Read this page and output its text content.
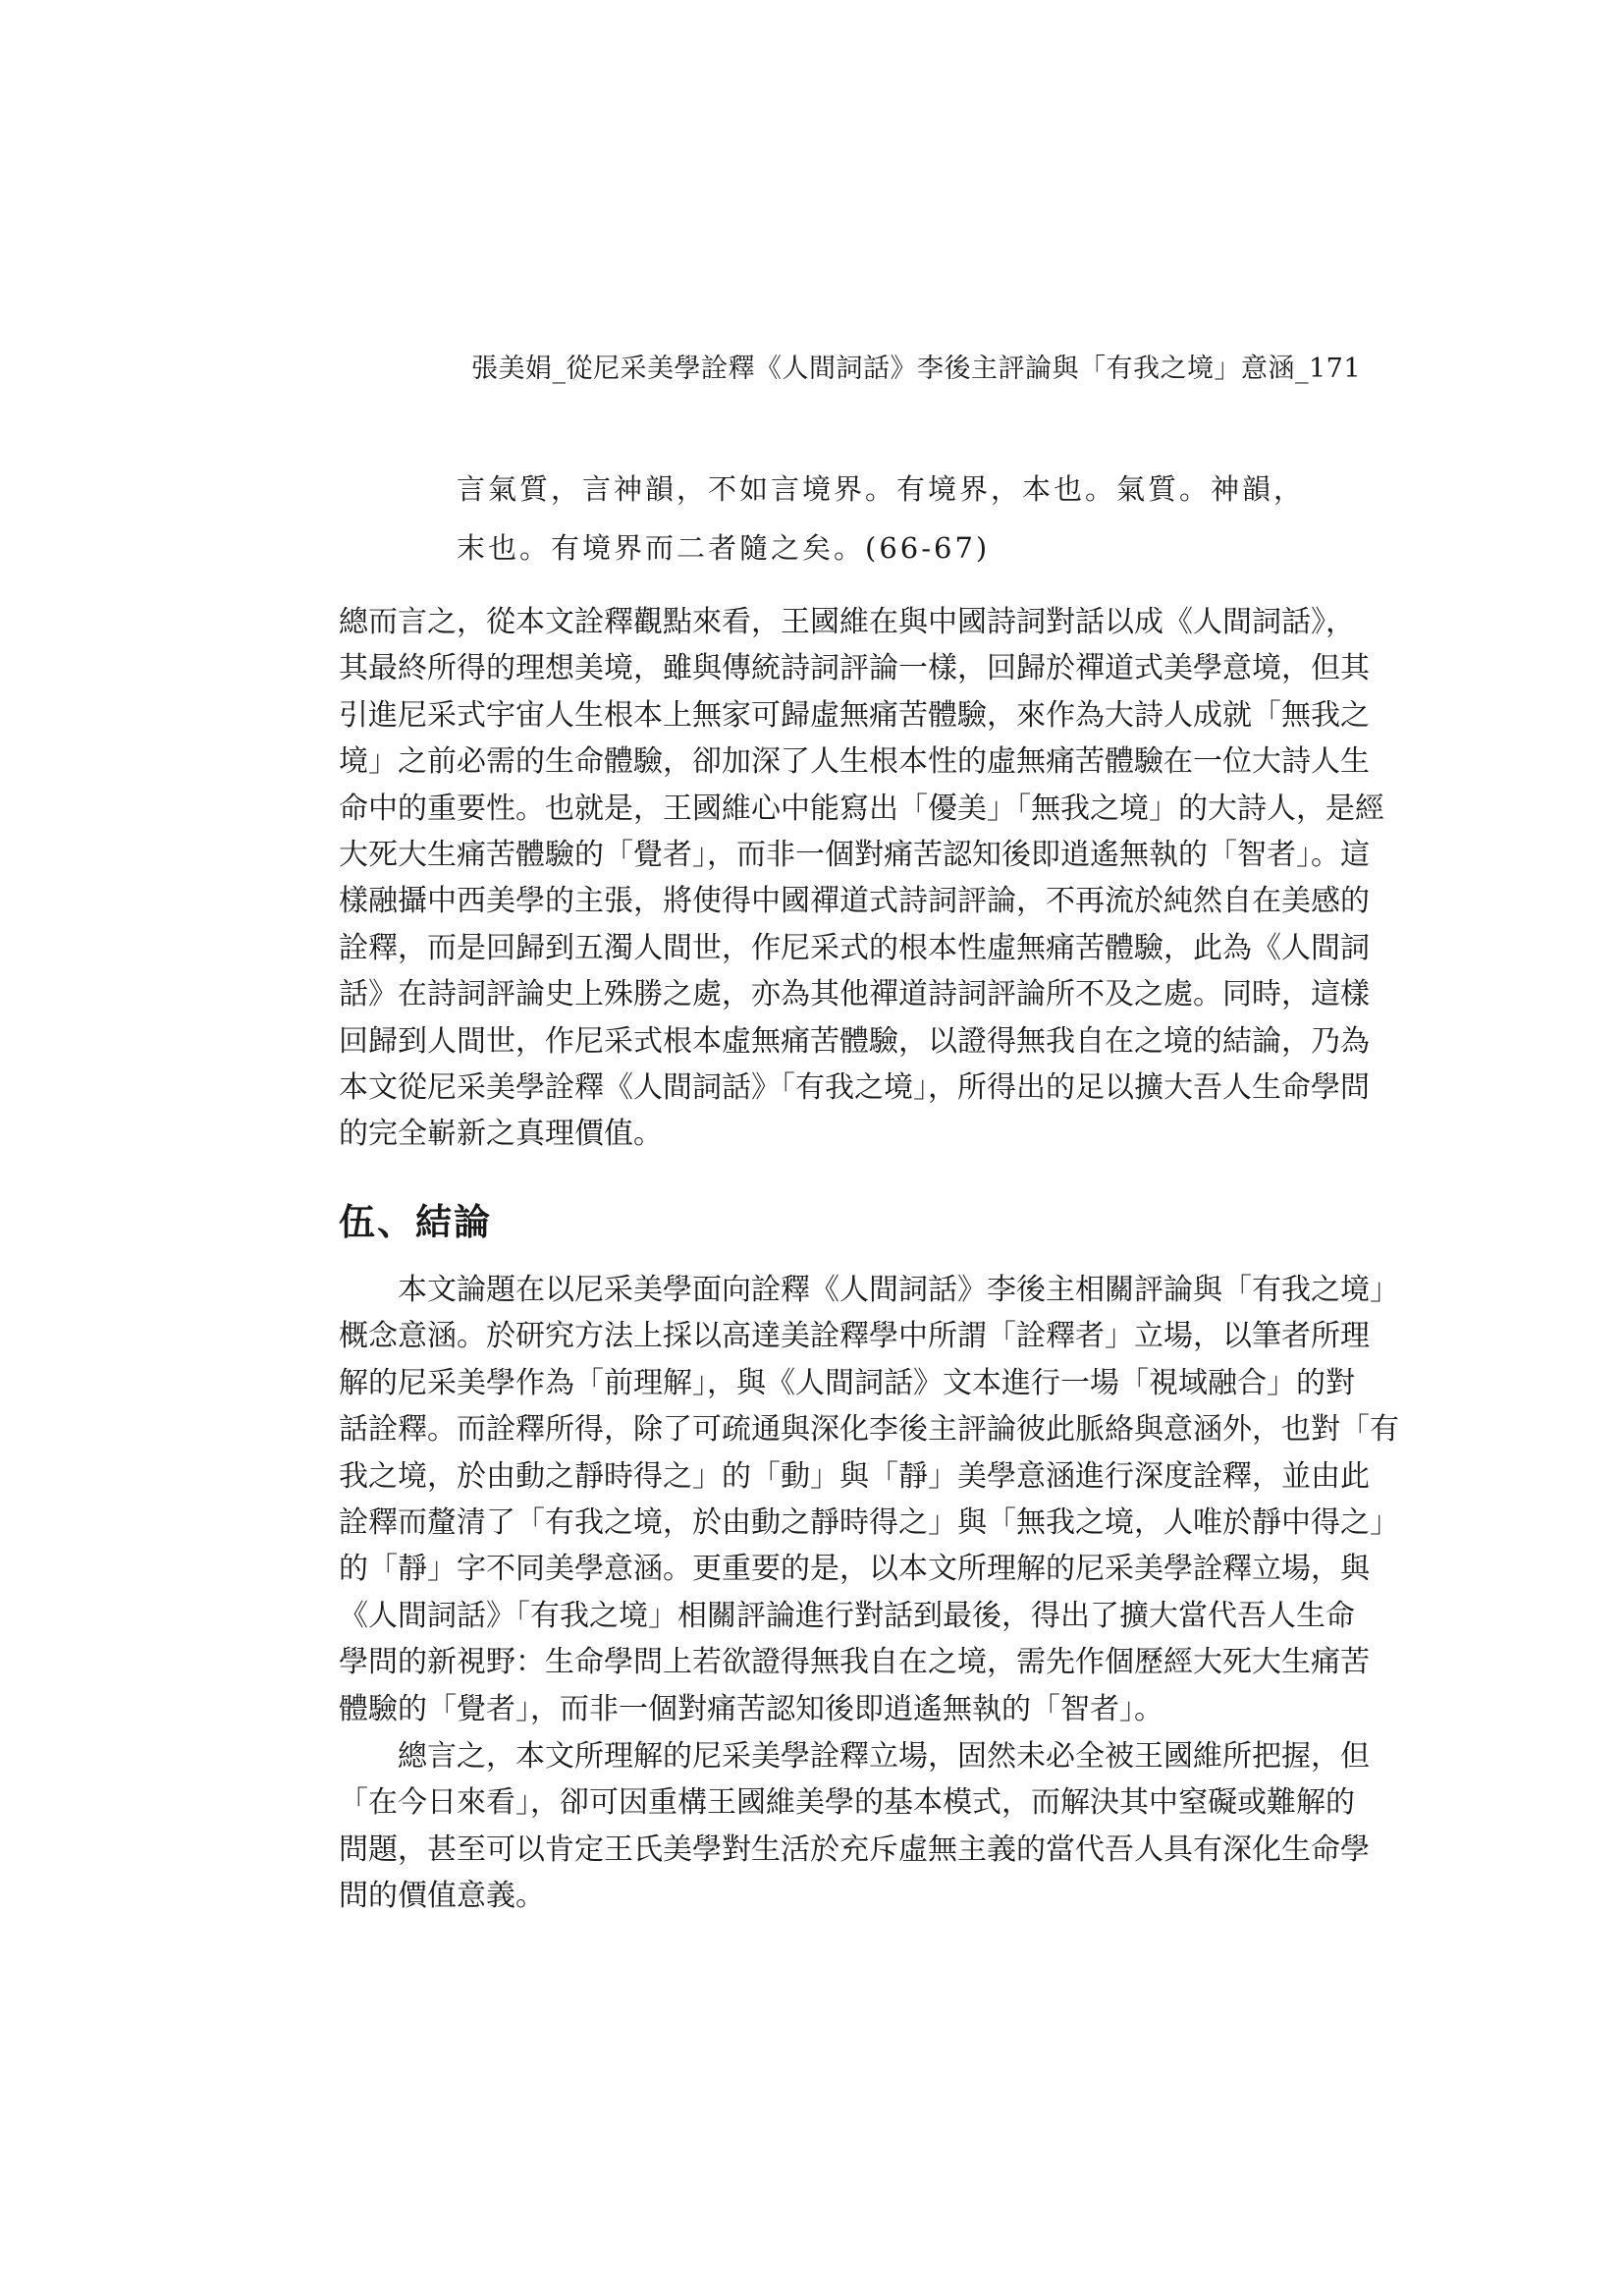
張美娟_從尼采美學詮釋《人間詞話》李後主評論與「有我之境」意涵_171

言氣質，言神韻，不如言境界。有境界，本也。氣質。神韻，

末也。有境界而二者隨之矣。(66-67)

總而言之，從本文詮釋觀點來看，王國維在與中國詩詞對話以成《人間詞話》，

其最終所得的理想美境，雖與傳統詩詞評論一樣，回歸於禪道式美學意境，但其

引進尼采式宇宙人生根本上無家可歸虛無痛苦體驗，來作為大詩人成就「無我之

境」之前必需的生命體驗，卻加深了人生根本性的虛無痛苦體驗在一位大詩人生

命中的重要性。也就是，王國維心中能寫出「優美」「無我之境」的大詩人，是經

大死大生痛苦體驗的「覺者」，而非一個對痛苦認知後即逍遙無執的「智者」。這

樣融攝中西美學的主張，將使得中國禪道式詩詞評論，不再流於純然自在美感的

詮釋，而是回歸到五濁人間世，作尼采式的根本性虛無痛苦體驗，此為《人間詞

話》在詩詞評論史上殊勝之處，亦為其他禪道詩詞評論所不及之處。同時，這樣

回歸到人間世，作尼采式根本虛無痛苦體驗，以證得無我自在之境的結論，乃為

本文從尼采美學詮釋《人間詞話》「有我之境」，所得出的足以擴大吾人生命學問

的完全嶄新之真理價值。

伍、結論

　　本文論題在以尼采美學面向詮釋《人間詞話》李後主相關評論與「有我之境」

概念意涵。於研究方法上採以高達美詮釋學中所謂「詮釋者」立場，以筆者所理

解的尼采美學作為「前理解」，與《人間詞話》文本進行一場「視域融合」的對

話詮釋。而詮釋所得，除了可疏通與深化李後主評論彼此脈絡與意涵外，也對「有

我之境，於由動之靜時得之」的「動」與「靜」美學意涵進行深度詮釋，並由此

詮釋而釐清了「有我之境，於由動之靜時得之」與「無我之境，人唯於靜中得之」

的「靜」字不同美學意涵。更重要的是，以本文所理解的尼采美學詮釋立場，與

《人間詞話》「有我之境」相關評論進行對話到最後，得出了擴大當代吾人生命

學問的新視野：生命學問上若欲證得無我自在之境，需先作個歷經大死大生痛苦

體驗的「覺者」，而非一個對痛苦認知後即逍遙無執的「智者」。

　　總言之，本文所理解的尼采美學詮釋立場，固然未必全被王國維所把握，但

「在今日來看」，卻可因重構王國維美學的基本模式，而解決其中窒礙或難解的

問題，甚至可以肯定王氏美學對生活於充斥虛無主義的當代吾人具有深化生命學

問的價值意義。
